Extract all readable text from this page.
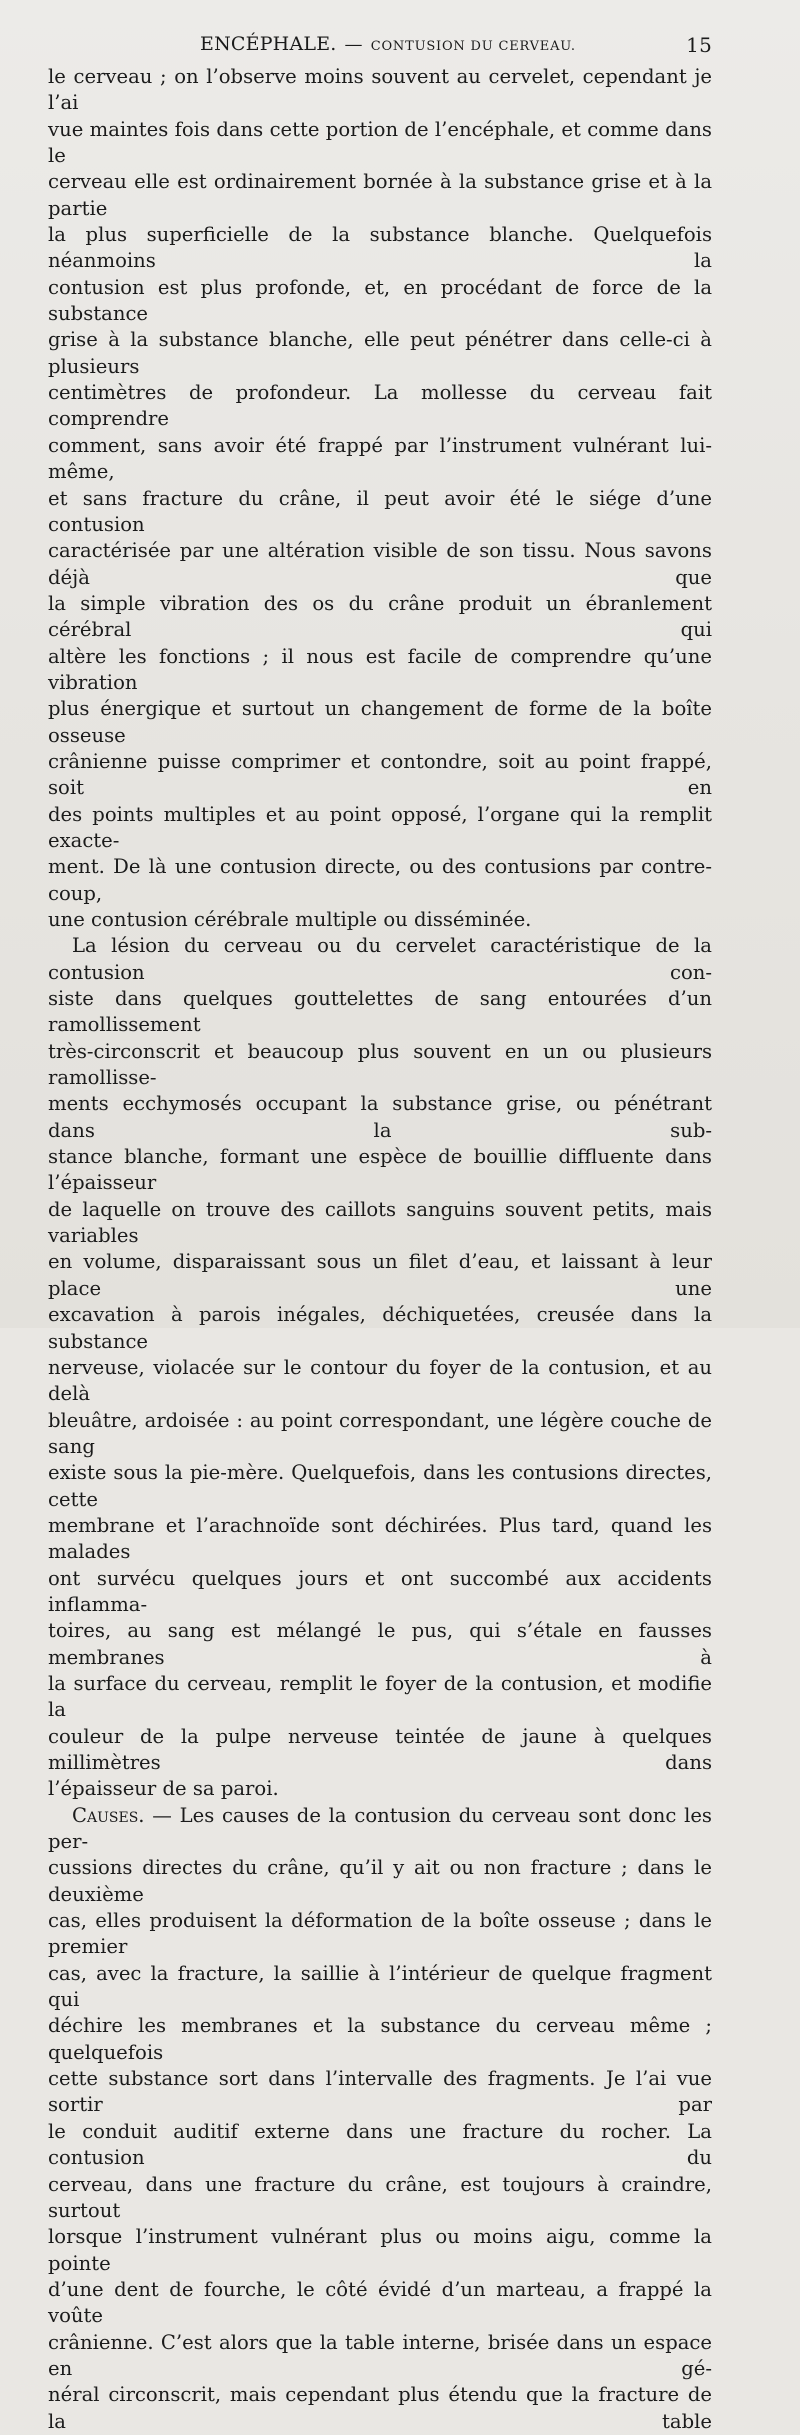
ENCÉPHALE. — CONTUSION DU CERVEAU.	15

le cerveau ; on l’observe moins souvent au cervelet, cependant je l’ai

vue maintes fois dans cette portion de l’encéphale, et comme dans le

cerveau elle est ordinairement bornée à la substance grise et à la partie

la plus superficielle de la substance blanche. Quelquefois néanmoins la

contusion est plus profonde, et, en procédant de force de la substance

grise à la substance blanche, elle peut pénétrer dans celle-ci à plusieurs

centimètres de profondeur. La mollesse du cerveau fait comprendre

comment, sans avoir été frappé par l’instrument vulnérant lui-même,

et sans fracture du crâne, il peut avoir été le siége d’une contusion

caractérisée par une altération visible de son tissu. Nous savons déjà que

la simple vibration des os du crâne produit un ébranlement cérébral qui

altère les fonctions ; il nous est facile de comprendre qu’une vibration

plus énergique et surtout un changement de forme de la boîte osseuse

crânienne puisse comprimer et contondre, soit au point frappé, soit en

des points multiples et au point opposé, l’organe qui la remplit exacte-

ment. De là une contusion directe, ou des contusions par contre-coup,

une contusion cérébrale multiple ou disséminée.

La lésion du cerveau ou du cervelet caractéristique de la contusion con-

siste dans quelques gouttelettes de sang entourées d’un ramollissement

très-circonscrit et beaucoup plus souvent en un ou plusieurs ramollisse-

ments ecchymosés occupant la substance grise, ou pénétrant dans la sub-

stance blanche, formant une espèce de bouillie diffluente dans l’épaisseur

de laquelle on trouve des caillots sanguins souvent petits, mais variables

en volume, disparaissant sous un filet d’eau, et laissant à leur place une

excavation à parois inégales, déchiquetées, creusée dans la substance

nerveuse, violacée sur le contour du foyer de la contusion, et au delà

bleuâtre, ardoisée : au point correspondant, une légère couche de sang

existe sous la pie-mère. Quelquefois, dans les contusions directes, cette

membrane et l’arachnoïde sont déchirées. Plus tard, quand les malades

ont survécu quelques jours et ont succombé aux accidents inflamma-

toires, au sang est mélangé le pus, qui s’étale en fausses membranes à

la surface du cerveau, remplit le foyer de la contusion, et modifie la

couleur de la pulpe nerveuse teintée de jaune à quelques millimètres dans

l’épaisseur de sa paroi.

Causes. — Les causes de la contusion du cerveau sont donc les per-

cussions directes du crâne, qu’il y ait ou non fracture ; dans le deuxième

cas, elles produisent la déformation de la boîte osseuse ; dans le premier

cas, avec la fracture, la saillie à l’intérieur de quelque fragment qui

déchire les membranes et la substance du cerveau même ; quelquefois

cette substance sort dans l’intervalle des fragments. Je l’ai vue sortir par

le conduit auditif externe dans une fracture du rocher. La contusion du

cerveau, dans une fracture du crâne, est toujours à craindre, surtout

lorsque l’instrument vulnérant plus ou moins aigu, comme la pointe

d’une dent de fourche, le côté évidé d’un marteau, a frappé la voûte

crânienne. C’est alors que la table interne, brisée dans un espace en gé-

néral circonscrit, mais cependant plus étendu que la fracture de la table
